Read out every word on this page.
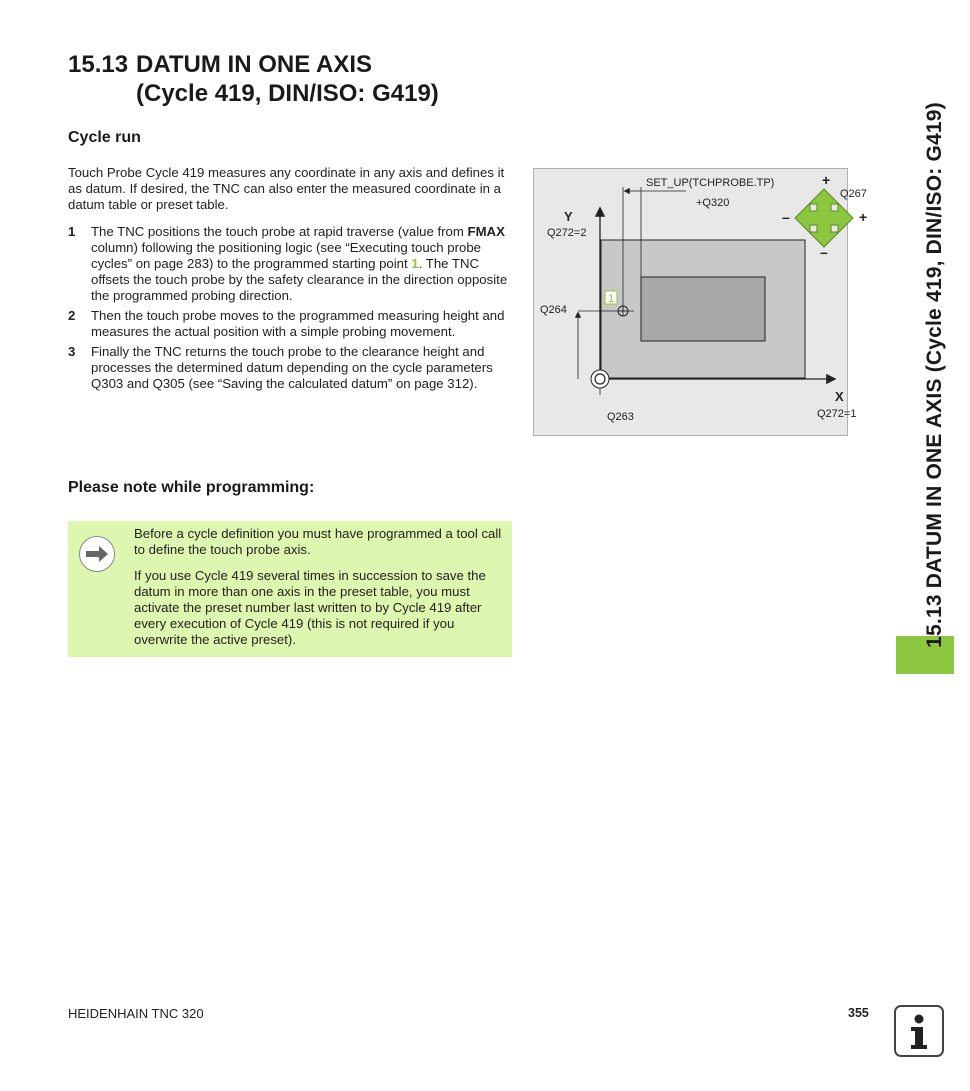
15.13 DATUM IN ONE AXIS
(Cycle 419, DIN/ISO: G419)
Cycle run
Touch Probe Cycle 419 measures any coordinate in any axis and defines it as datum. If desired, the TNC can also enter the measured coordinate in a datum table or preset table.
1 The TNC positions the touch probe at rapid traverse (value from FMAX column) following the positioning logic (see “Executing touch probe cycles” on page 283) to the programmed starting point 1. The TNC offsets the touch probe by the safety clearance in the direction opposite the programmed probing direction.
2 Then the touch probe moves to the programmed measuring height and measures the actual position with a simple probing movement.
3 Finally the TNC returns the touch probe to the clearance height and processes the determined datum depending on the cycle parameters Q303 and Q305 (see “Saving the calculated datum” on page 312).
1
SET_UP(TCHPROBE.TP)
+Q320
Y
Q272=2
Q264
Q263
X
Q272=1
Q267
+
–	+
–
Please note while programming:

Before a cycle definition you must have programmed a tool call to define the touch probe axis.

If you use Cycle 419 several times in succession to save the datum in more than one axis in the preset table, you must activate the preset number last written to by Cycle 419 after every execution of Cycle 419 (this is not required if you overwrite the active preset).	15.13 DATUM IN ONE AXIS (Cycle 419, DIN/ISO: G419)
HEIDENHAIN TNC 320	355
